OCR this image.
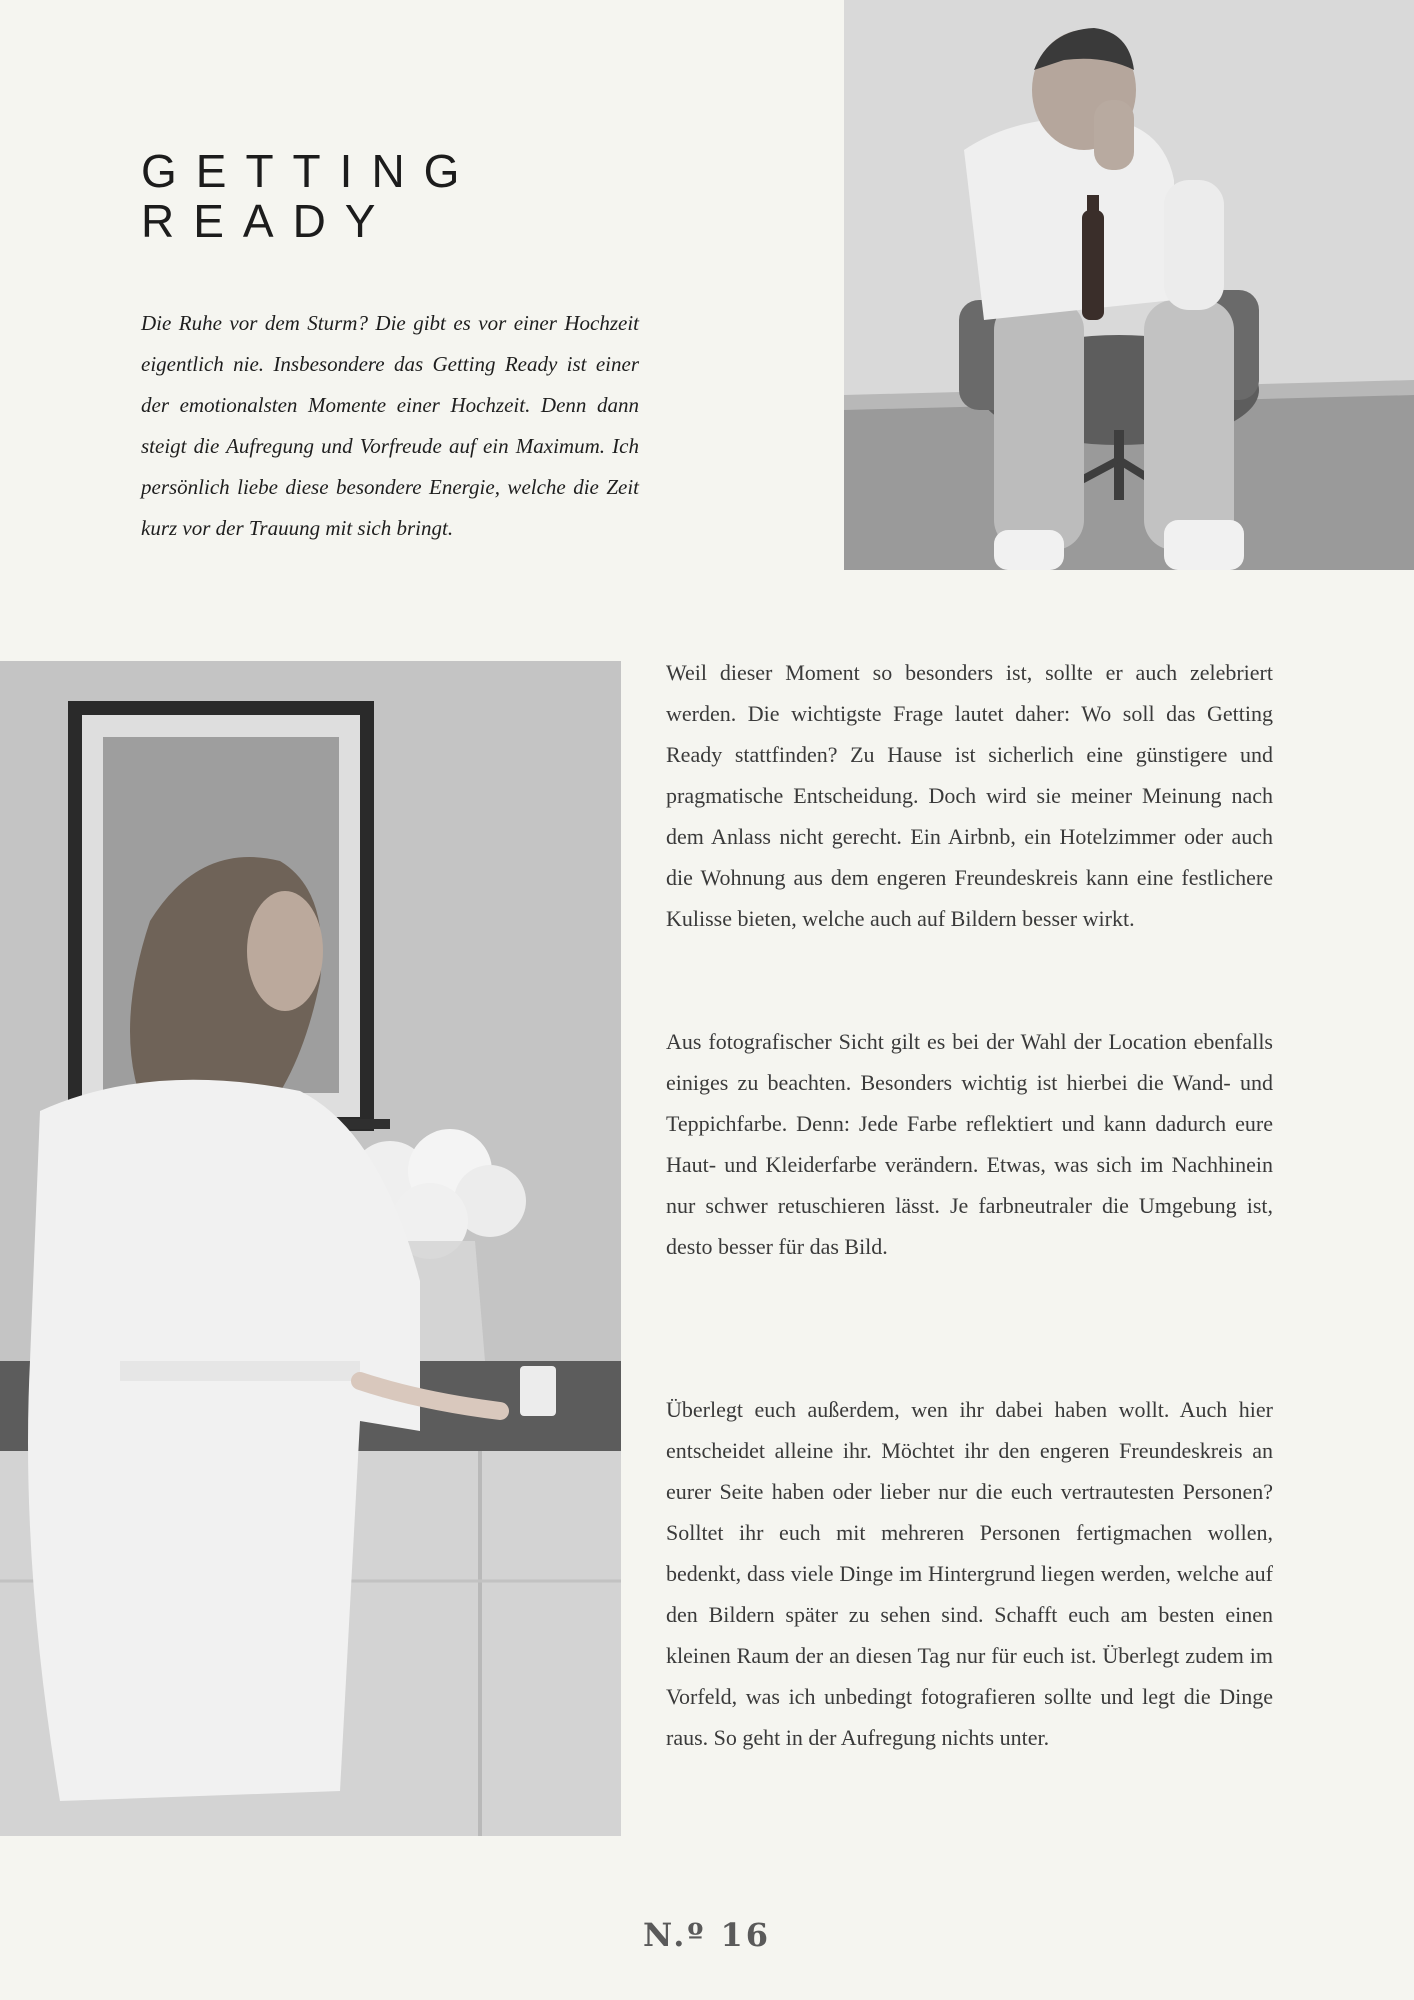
GETTING
READY

Die Ruhe vor dem Sturm? Die gibt es vor einer Hochzeit eigentlich nie. Insbesondere das Getting Ready ist einer der emotionalsten Momente einer Hochzeit. Denn dann steigt die Aufregung und Vorfreude auf ein Maximum. Ich persönlich liebe diese besondere Energie, welche die Zeit kurz vor der Trauung mit sich bringt.

Weil dieser Moment so besonders ist, sollte er auch zelebriert werden. Die wichtigste Frage lautet daher: Wo soll das Getting Ready stattfinden? Zu Hause ist sicherlich eine günstigere und pragmatische Entscheidung. Doch wird sie meiner Meinung nach dem Anlass nicht gerecht. Ein Airbnb, ein Hotelzimmer oder auch die Wohnung aus dem engeren Freundeskreis kann eine festlichere Kulisse bieten, welche auch auf Bildern besser wirkt.

Aus fotografischer Sicht gilt es bei der Wahl der Location ebenfalls einiges zu beachten. Besonders wichtig ist hierbei die Wand- und Teppichfarbe. Denn: Jede Farbe reflektiert und kann dadurch eure Haut- und Kleiderfarbe verändern. Etwas, was sich im Nachhinein nur schwer retuschieren lässt. Je farbneutraler die Umgebung ist, desto besser für das Bild.

Überlegt euch außerdem, wen ihr dabei haben wollt. Auch hier entscheidet alleine ihr. Möchtet ihr den engeren Freundeskreis an eurer Seite haben oder lieber nur die euch vertrautesten Personen? Solltet ihr euch mit mehreren Personen fertigmachen wollen, bedenkt, dass viele Dinge im Hintergrund liegen werden, welche auf den Bildern später zu sehen sind. Schafft euch am besten einen kleinen Raum der an diesen Tag nur für euch ist. Überlegt zudem im Vorfeld, was ich unbedingt fotografieren sollte und legt die Dinge raus. So geht in der Aufregung nichts unter.

N.º 16
